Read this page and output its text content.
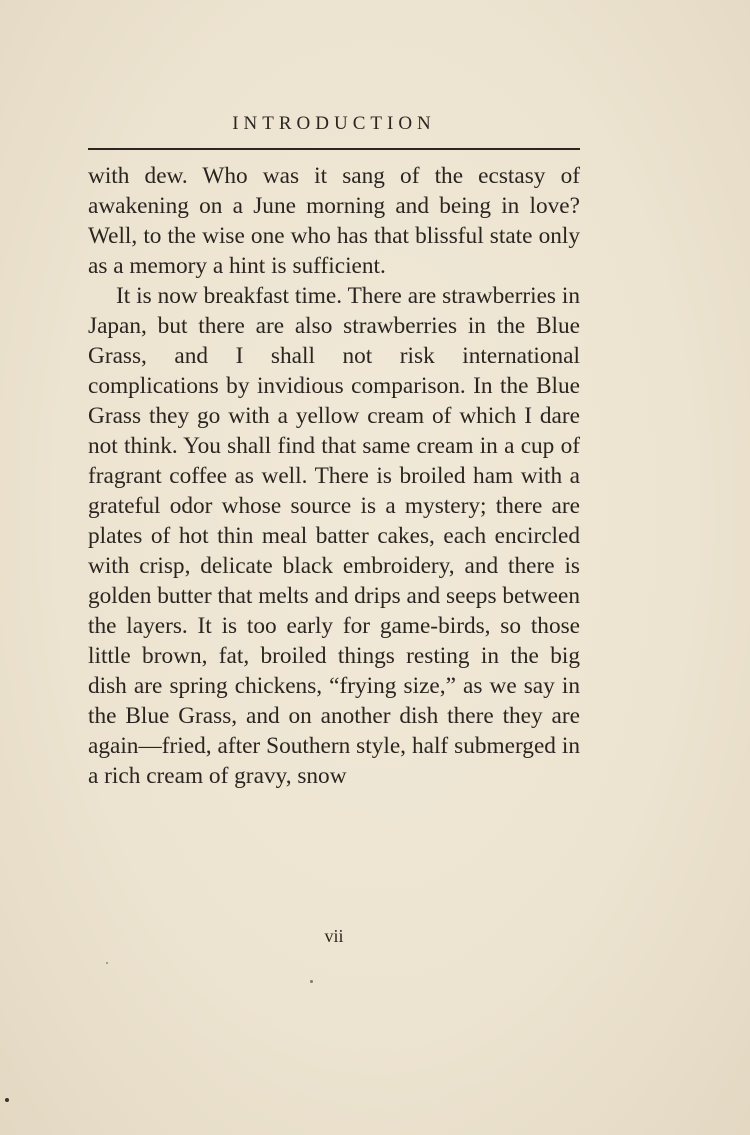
INTRODUCTION

with dew. Who was it sang of the ecstasy of awakening on a June morning and being in love? Well, to the wise one who has that blissful state only as a memory a hint is sufficient.

It is now breakfast time. There are strawberries in Japan, but there are also strawberries in the Blue Grass, and I shall not risk international complications by invidious comparison. In the Blue Grass they go with a yellow cream of which I dare not think. You shall find that same cream in a cup of fragrant coffee as well. There is broiled ham with a grateful odor whose source is a mystery; there are plates of hot thin meal batter cakes, each encircled with crisp, delicate black embroidery, and there is golden butter that melts and drips and seeps between the layers. It is too early for game-birds, so those little brown, fat, broiled things resting in the big dish are spring chickens, “frying size,” as we say in the Blue Grass, and on another dish there they are again—fried, after Southern style, half submerged in a rich cream of gravy, snow

vii
